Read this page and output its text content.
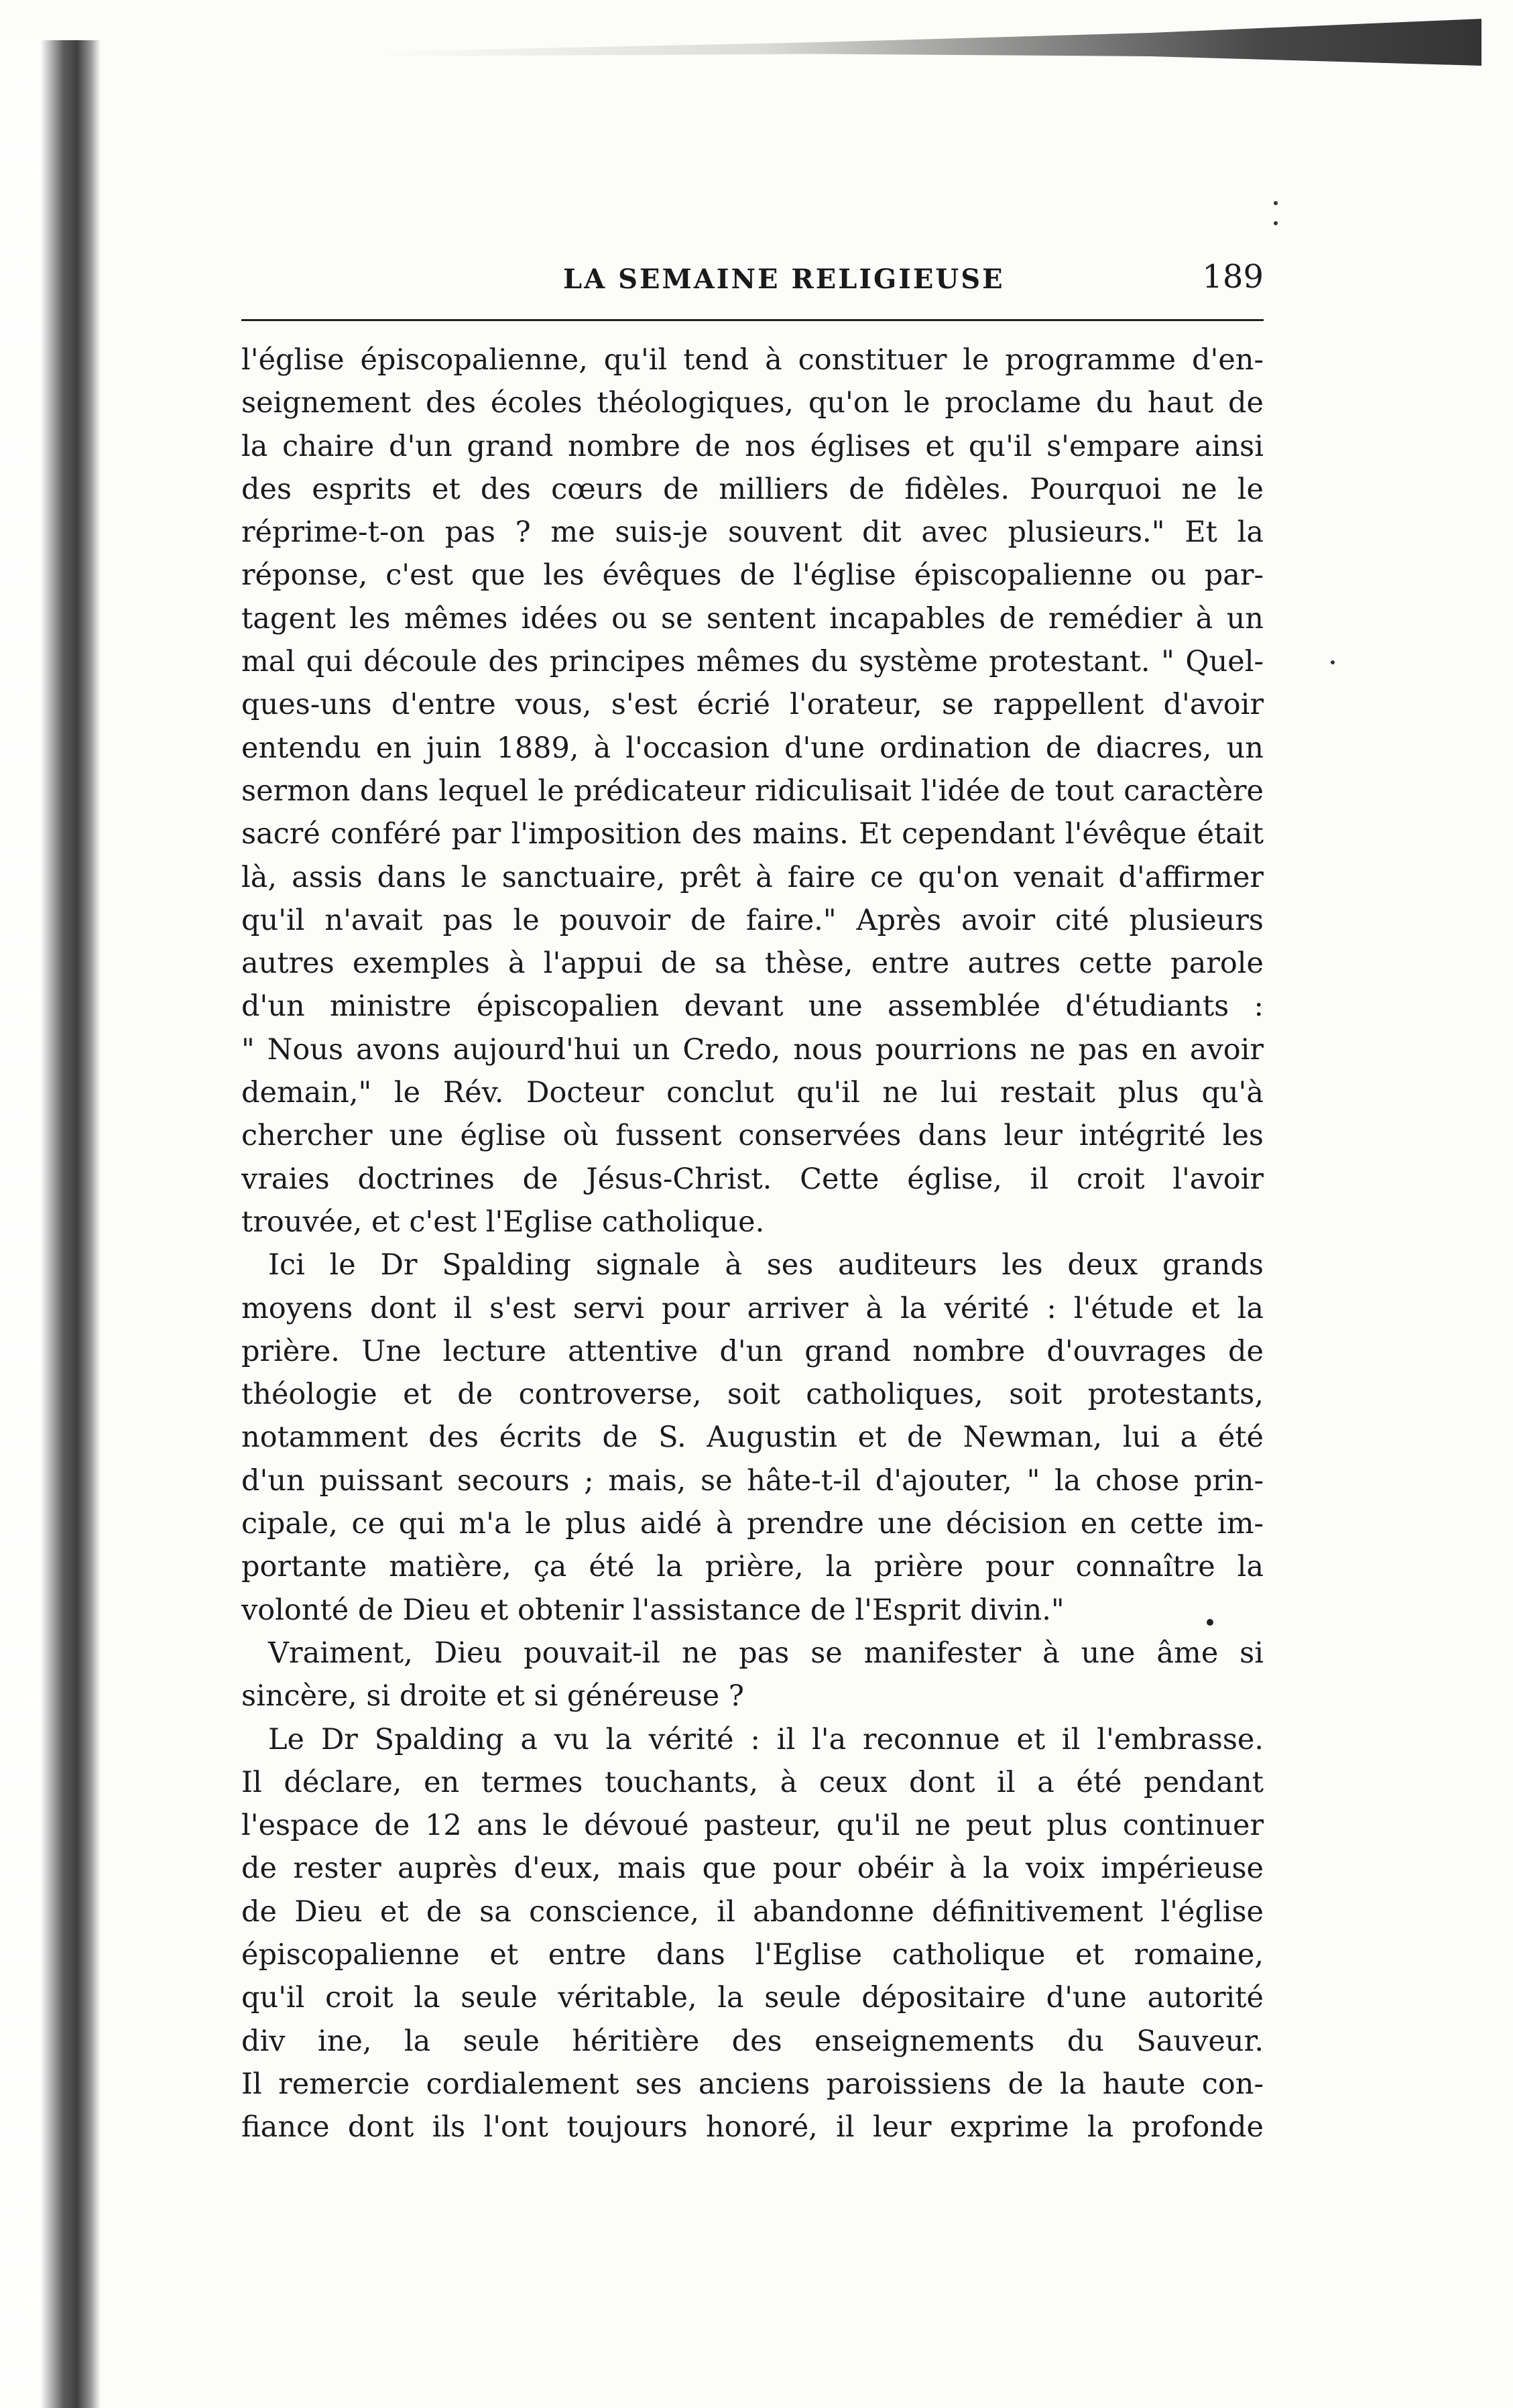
LA SEMAINE RELIGIEUSE	189
l'église épiscopalienne, qu'il tend à constituer le programme d'en-
seignement des écoles théologiques, qu'on le proclame du haut de
la chaire d'un grand nombre de nos églises et qu'il s'empare ainsi
des esprits et des cœurs de milliers de fidèles. Pourquoi ne le
réprime-t-on pas ? me suis-je souvent dit avec plusieurs." Et la
réponse, c'est que les évêques de l'église épiscopalienne ou par-
tagent les mêmes idées ou se sentent incapables de remédier à un
mal qui découle des principes mêmes du système protestant. " Quel-
ques-uns d'entre vous, s'est écrié l'orateur, se rappellent d'avoir
entendu en juin 1889, à l'occasion d'une ordination de diacres, un
sermon dans lequel le prédicateur ridiculisait l'idée de tout caractère
sacré conféré par l'imposition des mains. Et cependant l'évêque était
là, assis dans le sanctuaire, prêt à faire ce qu'on venait d'affirmer
qu'il n'avait pas le pouvoir de faire." Après avoir cité plusieurs
autres exemples à l'appui de sa thèse, entre autres cette parole
d'un ministre épiscopalien devant une assemblée d'étudiants :
" Nous avons aujourd'hui un Credo, nous pourrions ne pas en avoir
demain," le Rév. Docteur conclut qu'il ne lui restait plus qu'à
chercher une église où fussent conservées dans leur intégrité les
vraies doctrines de Jésus-Christ. Cette église, il croit l'avoir
trouvée, et c'est l'Eglise catholique.
Ici le Dr Spalding signale à ses auditeurs les deux grands
moyens dont il s'est servi pour arriver à la vérité : l'étude et la
prière. Une lecture attentive d'un grand nombre d'ouvrages de
théologie et de controverse, soit catholiques, soit protestants,
notamment des écrits de S. Augustin et de Newman, lui a été
d'un puissant secours ; mais, se hâte-t-il d'ajouter, " la chose prin-
cipale, ce qui m'a le plus aidé à prendre une décision en cette im-
portante matière, ça été la prière, la prière pour connaître la
volonté de Dieu et obtenir l'assistance de l'Esprit divin."
Vraiment, Dieu pouvait-il ne pas se manifester à une âme si
sincère, si droite et si généreuse ?
Le Dr Spalding a vu la vérité : il l'a reconnue et il l'embrasse.
Il déclare, en termes touchants, à ceux dont il a été pendant
l'espace de 12 ans le dévoué pasteur, qu'il ne peut plus continuer
de rester auprès d'eux, mais que pour obéir à la voix impérieuse
de Dieu et de sa conscience, il abandonne définitivement l'église
épiscopalienne et entre dans l'Eglise catholique et romaine,
qu'il croit la seule véritable, la seule dépositaire d'une autorité
div ine, la seule héritière des enseignements du Sauveur.
Il remercie cordialement ses anciens paroissiens de la haute con-
fiance dont ils l'ont toujours honoré, il leur exprime la profonde
